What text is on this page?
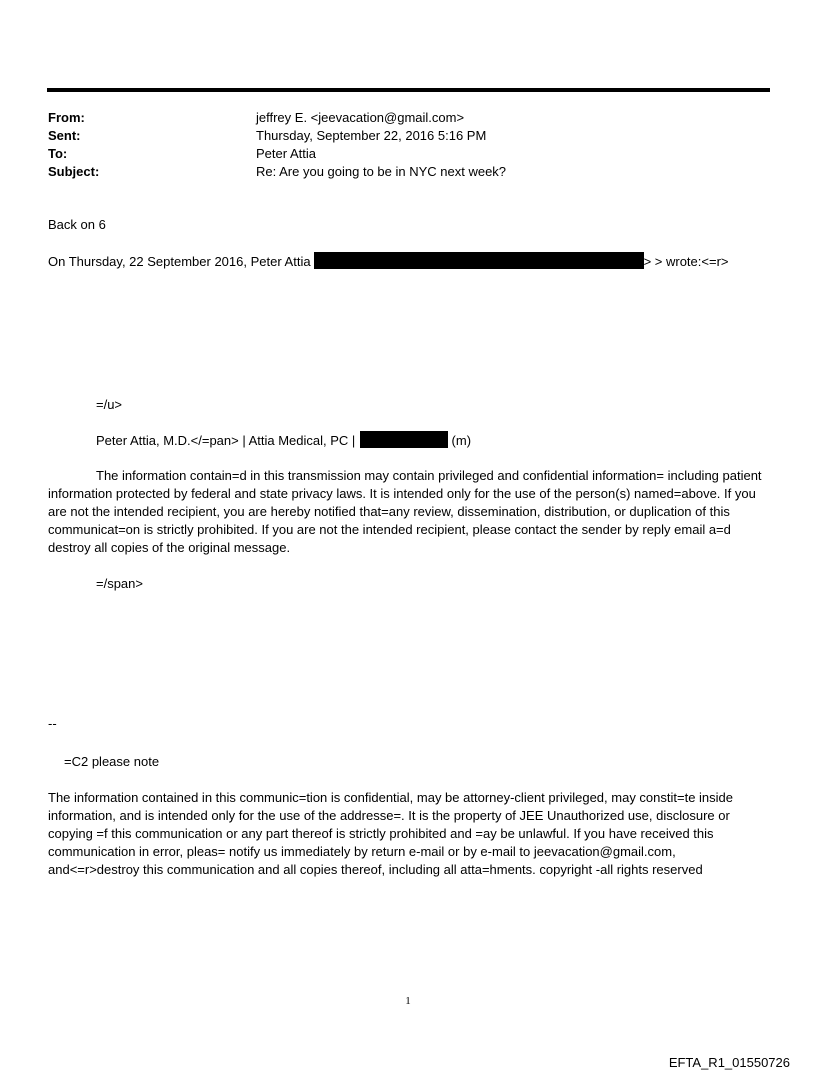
From:	jeffrey E. <jeevacation@gmail.com>
Sent:	Thursday, September 22, 2016 5:16 PM
To:	Peter Attia
Subject:	Re: Are you going to be in NYC next week?
Back on 6
On Thursday, 22 September 2016, Peter Attia	> > wrote:<=r>
=/u>
Peter Attia, M.D.</=pan> | Attia Medical, PC |	(m)
The information contain=d in this transmission may contain privileged and confidential information= including patient information protected by federal and state privacy laws. It is intended only for the use of the person(s) named=above. If you are not the intended recipient, you are hereby notified that=any review, dissemination, distribution, or duplication of this communicat=on is strictly prohibited. If you are not the intended recipient, please contact the sender by reply email a=d destroy all copies of the original message.
=/span>
--
=C2 please note
The information contained in this communic=tion is confidential, may be attorney-client privileged, may constit=te inside information, and is intended only for the use of the addresse=. It is the property of JEE Unauthorized use, disclosure or copying =f this communication or any part thereof is strictly prohibited and =ay be unlawful. If you have received this communication in error, pleas= notify us immediately by return e-mail or by e-mail to jeevacation@gmail.com, and<=r>destroy this communication and all copies thereof, including all atta=hments. copyright -all rights reserved
1
EFTA_R1_01550726
